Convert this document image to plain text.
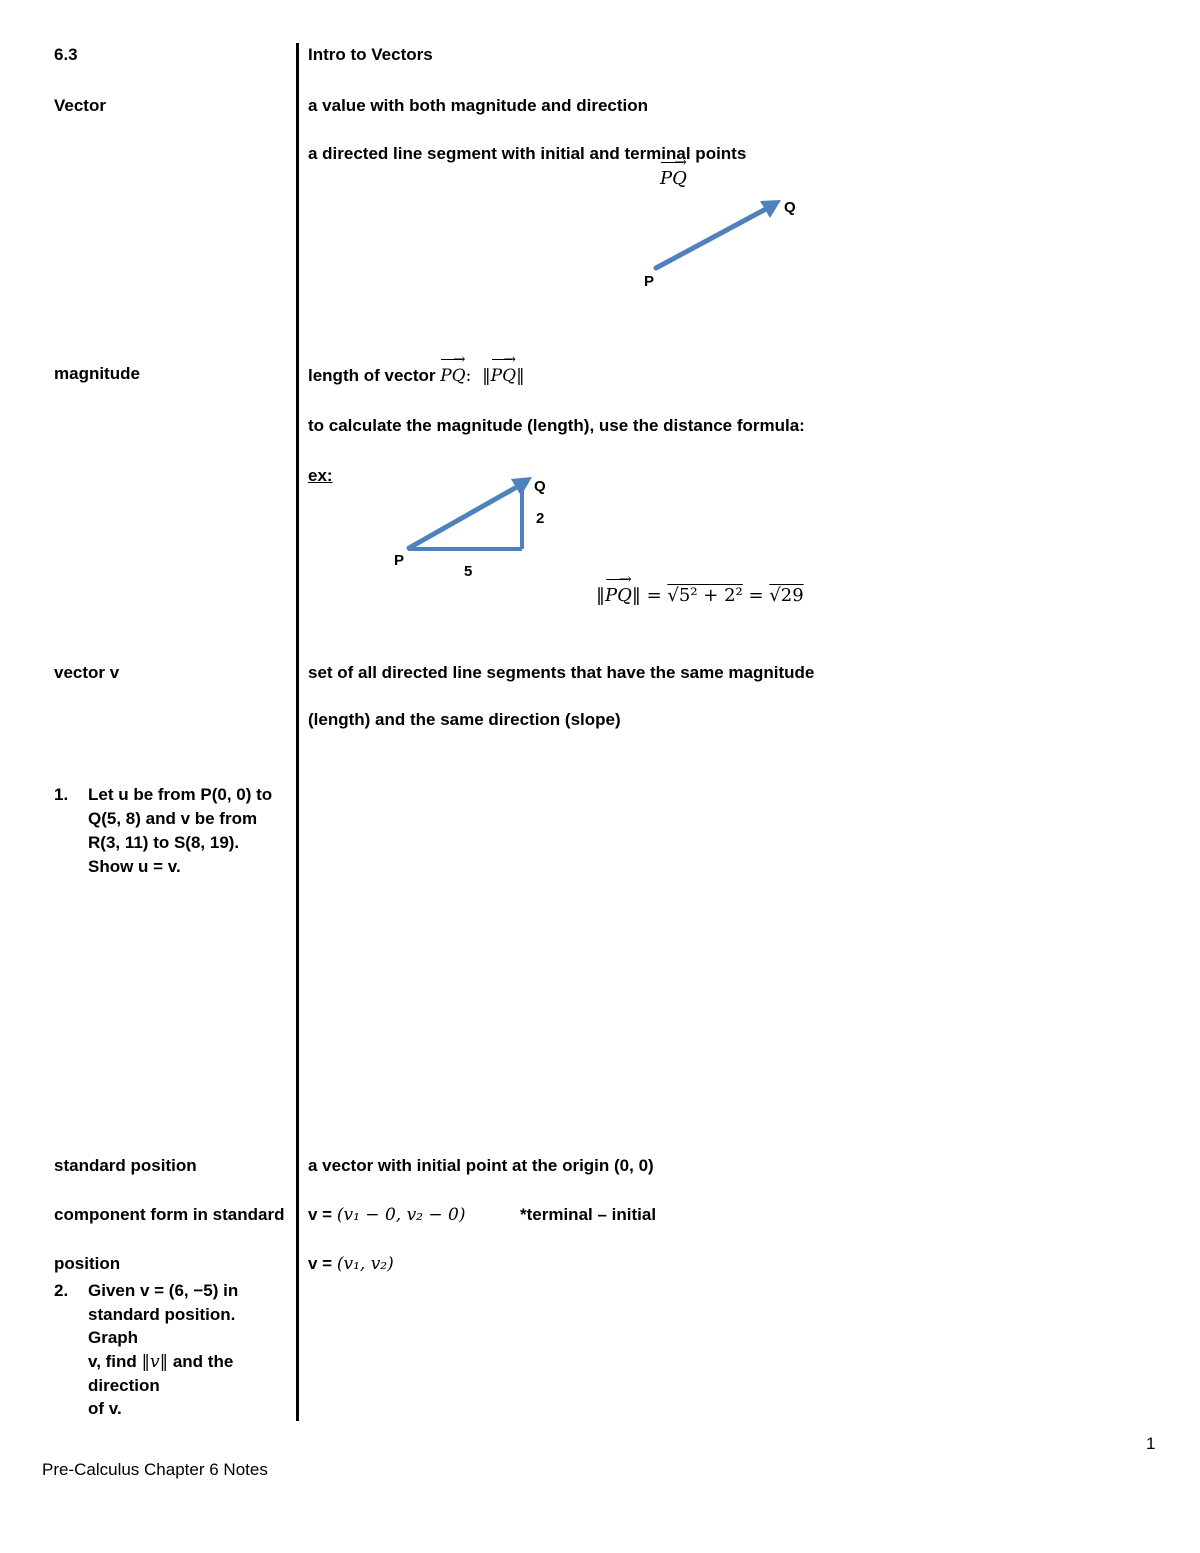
6.3
Vector
magnitude
vector v
1. Let u be from P(0, 0) to
Q(5, 8) and v be from
R(3, 11) to S(8, 19).
Show u = v.
standard position
component form in standard
position
2. Given v = (6, −5) in
standard position.
Graph
v, find ‖v‖ and the
direction
of v.
Intro to Vectors
a value with both magnitude and direction
a directed line segment with initial and terminal points
→ PQ
Q
P
length of vector → PQ:  ‖→ PQ‖
to calculate the magnitude (length), use the distance formula:
ex:
Q
2
P
5
‖→ PQ‖ = √5² + 2² = √29
set of all directed line segments that have the same magnitude
(length) and the same direction (slope)
a vector with initial point at the origin (0, 0)
v = (v₁ − 0, v₂ − 0)	*terminal – initial
v = (v₁, v₂)
1
Pre-Calculus Chapter 6 Notes
